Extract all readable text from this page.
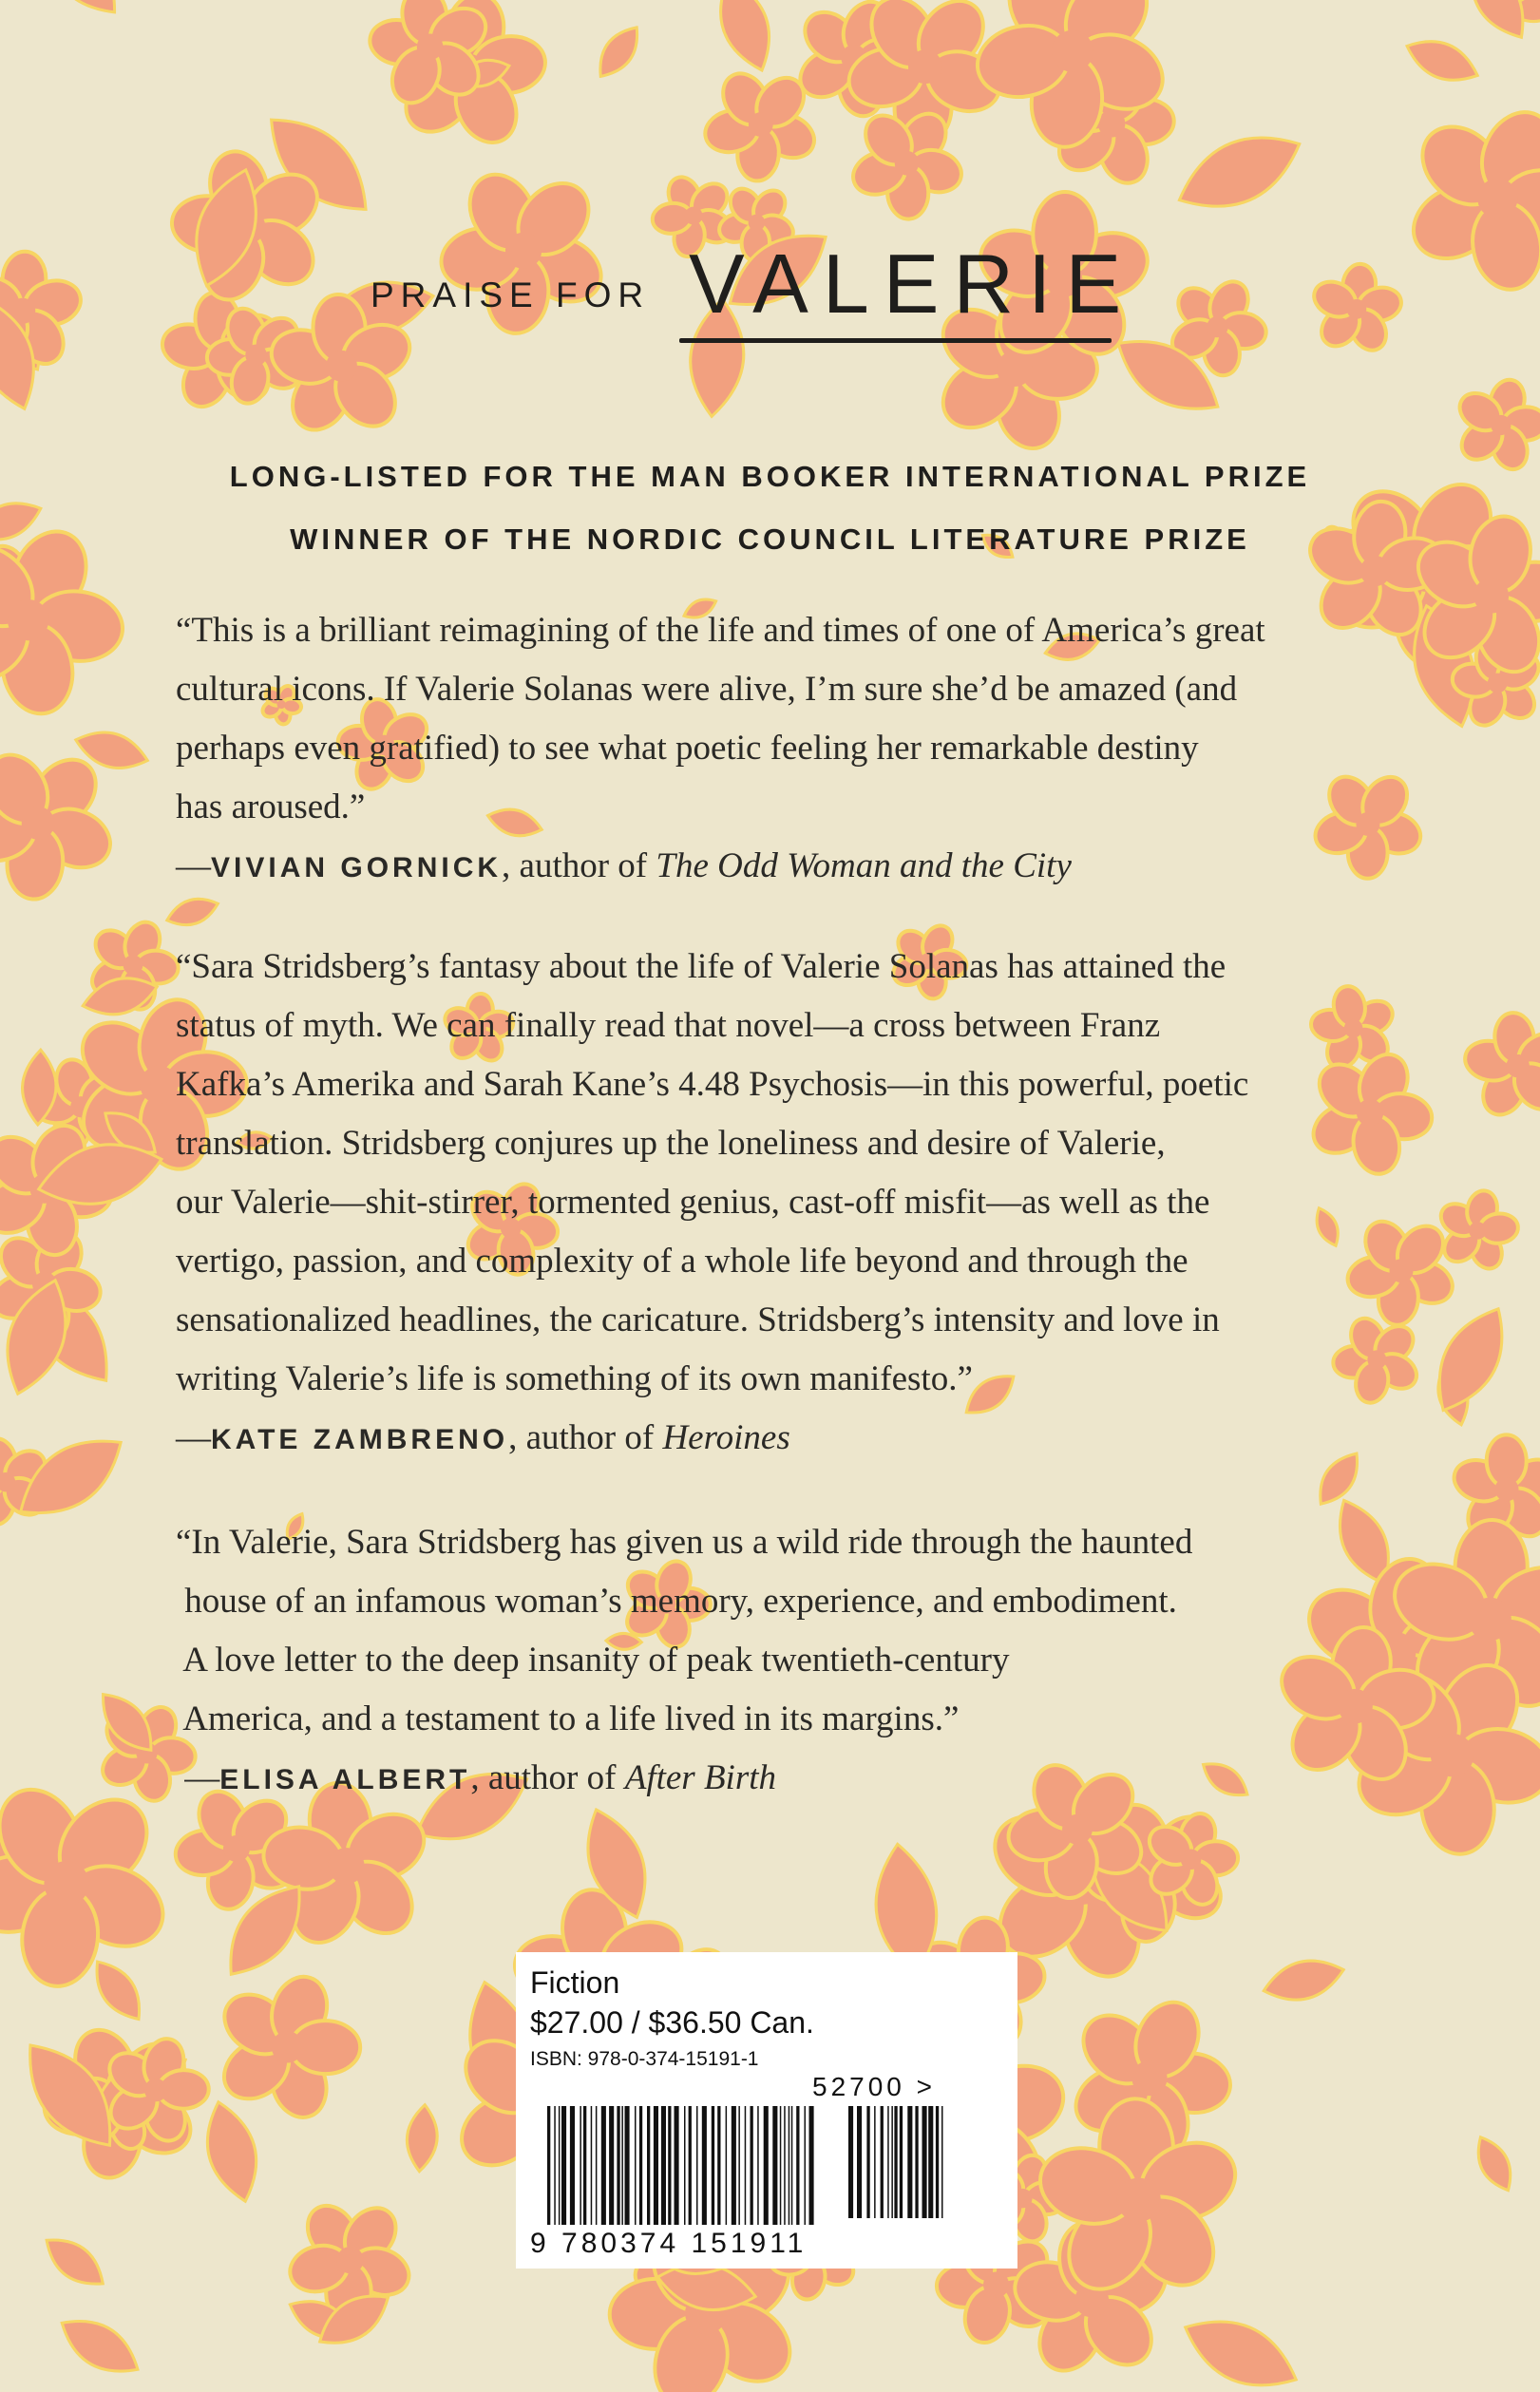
PRAISE FOR VALERIE
LONG-LISTED FOR THE MAN BOOKER INTERNATIONAL PRIZE
WINNER OF THE NORDIC COUNCIL LITERATURE PRIZE
“This is a brilliant reimagining of the life and times of one of America’s great
cultural icons. If Valerie Solanas were alive, I’m sure she’d be amazed (and
perhaps even gratified) to see what poetic feeling her remarkable destiny
has aroused.”
—VIVIAN GORNICK, author of The Odd Woman and the City
“Sara Stridsberg’s fantasy about the life of Valerie Solanas has attained the
status of myth. We can finally read that novel—a cross between Franz
Kafka’s Amerika and Sarah Kane’s 4.48 Psychosis—in this powerful, poetic
translation. Stridsberg conjures up the loneliness and desire of Valerie,
our Valerie—shit-stirrer, tormented genius, cast-off misfit—as well as the
vertigo, passion, and complexity of a whole life beyond and through the
sensationalized headlines, the caricature. Stridsberg’s intensity and love in
writing Valerie’s life is something of its own manifesto.”
—KATE ZAMBRENO, author of Heroines
“In Valerie, Sara Stridsberg has given us a wild ride through the haunted
house of an infamous woman’s memory, experience, and embodiment.
A love letter to the deep insanity of peak twentieth-century
America, and a testament to a life lived in its margins.”
—ELISA ALBERT, author of After Birth
Fiction
$27.00 / $36.50 Can.
ISBN: 978-0-374-15191-1
52700 >
9 780374 151911
